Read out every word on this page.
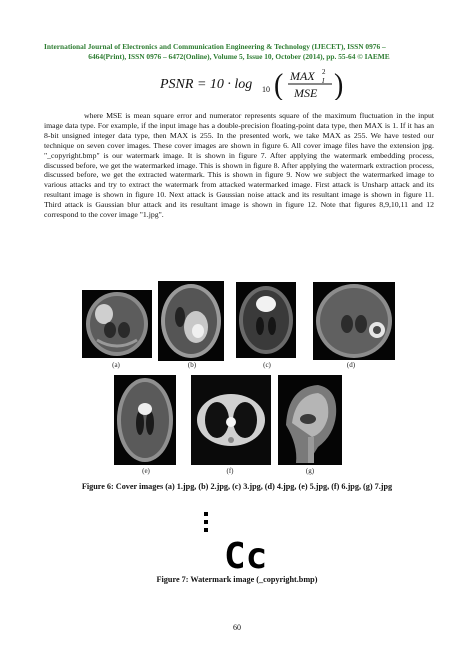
International Journal of Electronics and Communication Engineering & Technology (IJECET), ISSN 0976 –
6464(Print), ISSN 0976 – 6472(Online), Volume 5, Issue 10, October (2014), pp. 55-64 © IAEME
PSNR = 10 · log 10 ( MAX 2
I
MSE )

where MSE is mean square error and numerator represents square of the maximum fluctuation in the input image data type. For example, if the input image has a double-precision floating-point data type, then MAX is 1. If it has an 8-bit unsigned integer data type, then MAX is 255. In the presented work, we take MAX as 255. We have tested our technique on seven cover images. These cover images are shown in figure 6. All cover image files have the extension jpg. "_copyright.bmp" is our watermark image. It is shown in figure 7. After applying the watermark embedding process, discussed before, we get the watermarked image. This is shown in figure 8. After applying the watermark extraction process, discussed before, we get the extracted watermark. This is shown in figure 9. Now we subject the watermarked image to various attacks and try to extract the watermark from attacked watermarked image. First attack is Unsharp attack and its resultant image is shown in figure 10. Next attack is Gaussian noise attack and its resultant image is shown in figure 11. Third attack is Gaussian blur attack and its resultant image is shown in figure 12. Note that figures 8,9,10,11 and 12 correspond to the cover image "1.jpg".

(a)	(b)	(c)	(d)
(e)	(f)	(g)
Figure 6: Cover images (a) 1.jpg, (b) 2.jpg, (c) 3.jpg, (d) 4.jpg, (e) 5.jpg, (f) 6.jpg, (g) 7.jpg
Cc
Figure 7: Watermark image (_copyright.bmp)
60
